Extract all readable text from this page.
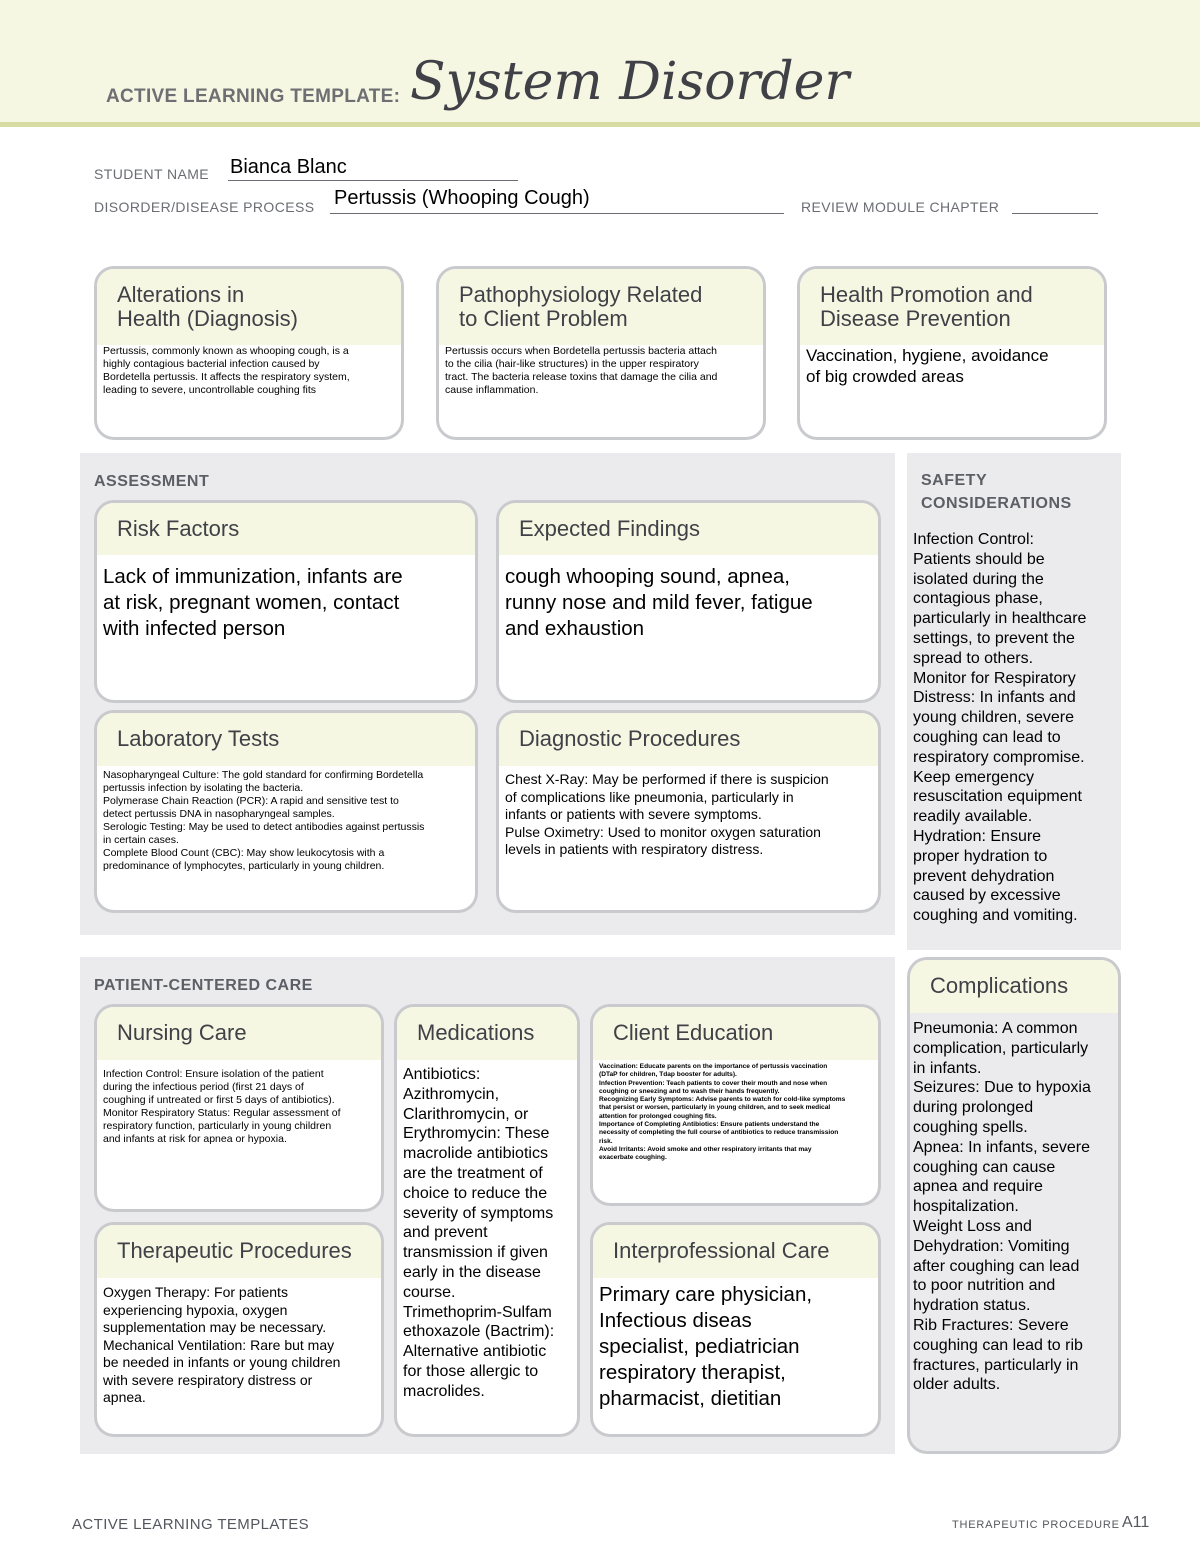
ACTIVE LEARNING TEMPLATE: System Disorder
STUDENT NAME Bianca Blanc
DISORDER/DISEASE PROCESS Pertussis (Whooping Cough)	REVIEW MODULE CHAPTER
Alterations in
Health (Diagnosis)
Pertussis, commonly known as whooping cough, is a
highly contagious bacterial infection caused by
Bordetella pertussis. It affects the respiratory system,
leading to severe, uncontrollable coughing fits
Pathophysiology Related
to Client Problem
Pertussis occurs when Bordetella pertussis bacteria attach
to the cilia (hair-like structures) in the upper respiratory
tract. The bacteria release toxins that damage the cilia and
cause inflammation.
Health Promotion and
Disease Prevention
Vaccination, hygiene, avoidance
of big crowded areas
ASSESSMENT
Risk Factors
Lack of immunization, infants are
at risk, pregnant women, contact
with infected person
Expected Findings
cough whooping sound, apnea,
runny nose and mild fever, fatigue
and exhaustion
Laboratory Tests
Nasopharyngeal Culture: The gold standard for confirming Bordetella
pertussis infection by isolating the bacteria.
Polymerase Chain Reaction (PCR): A rapid and sensitive test to
detect pertussis DNA in nasopharyngeal samples.
Serologic Testing: May be used to detect antibodies against pertussis
in certain cases.
Complete Blood Count (CBC): May show leukocytosis with a
predominance of lymphocytes, particularly in young children.
Diagnostic Procedures
Chest X-Ray: May be performed if there is suspicion
of complications like pneumonia, particularly in
infants or patients with severe symptoms.
Pulse Oximetry: Used to monitor oxygen saturation
levels in patients with respiratory distress.
SAFETY
CONSIDERATIONS
Infection Control:
Patients should be
isolated during the
contagious phase,
particularly in healthcare
settings, to prevent the
spread to others.
Monitor for Respiratory
Distress: In infants and
young children, severe
coughing can lead to
respiratory compromise.
Keep emergency
resuscitation equipment
readily available.
Hydration: Ensure
proper hydration to
prevent dehydration
caused by excessive
coughing and vomiting.
PATIENT-CENTERED CARE
Nursing Care
Infection Control: Ensure isolation of the patient
during the infectious period (first 21 days of
coughing if untreated or first 5 days of antibiotics).
Monitor Respiratory Status: Regular assessment of
respiratory function, particularly in young children
and infants at risk for apnea or hypoxia.
Medications
Antibiotics:
Azithromycin,
Clarithromycin, or
Erythromycin: These
macrolide antibiotics
are the treatment of
choice to reduce the
severity of symptoms
and prevent
transmission if given
early in the disease
course.
Trimethoprim-Sulfam
ethoxazole (Bactrim):
Alternative antibiotic
for those allergic to
macrolides.
Client Education
Vaccination: Educate parents on the importance of pertussis vaccination
(DTaP for children, Tdap booster for adults).
Infection Prevention: Teach patients to cover their mouth and nose when
coughing or sneezing and to wash their hands frequently.
Recognizing Early Symptoms: Advise parents to watch for cold-like symptoms
that persist or worsen, particularly in young children, and to seek medical
attention for prolonged coughing fits.
Importance of Completing Antibiotics: Ensure patients understand the
necessity of completing the full course of antibiotics to reduce transmission
risk.
Avoid Irritants: Avoid smoke and other respiratory irritants that may
exacerbate coughing.
Therapeutic Procedures
Oxygen Therapy: For patients
experiencing hypoxia, oxygen
supplementation may be necessary.
Mechanical Ventilation: Rare but may
be needed in infants or young children
with severe respiratory distress or
apnea.
Interprofessional Care
Primary care physician,
Infectious diseas
specialist, pediatrician
respiratory therapist,
pharmacist, dietitian
Complications
Pneumonia: A common
complication, particularly
in infants.
Seizures: Due to hypoxia
during prolonged
coughing spells.
Apnea: In infants, severe
coughing can cause
apnea and require
hospitalization.
Weight Loss and
Dehydration: Vomiting
after coughing can lead
to poor nutrition and
hydration status.
Rib Fractures: Severe
coughing can lead to rib
fractures, particularly in
older adults.
ACTIVE LEARNING TEMPLATES	THERAPEUTIC PROCEDURE A11
